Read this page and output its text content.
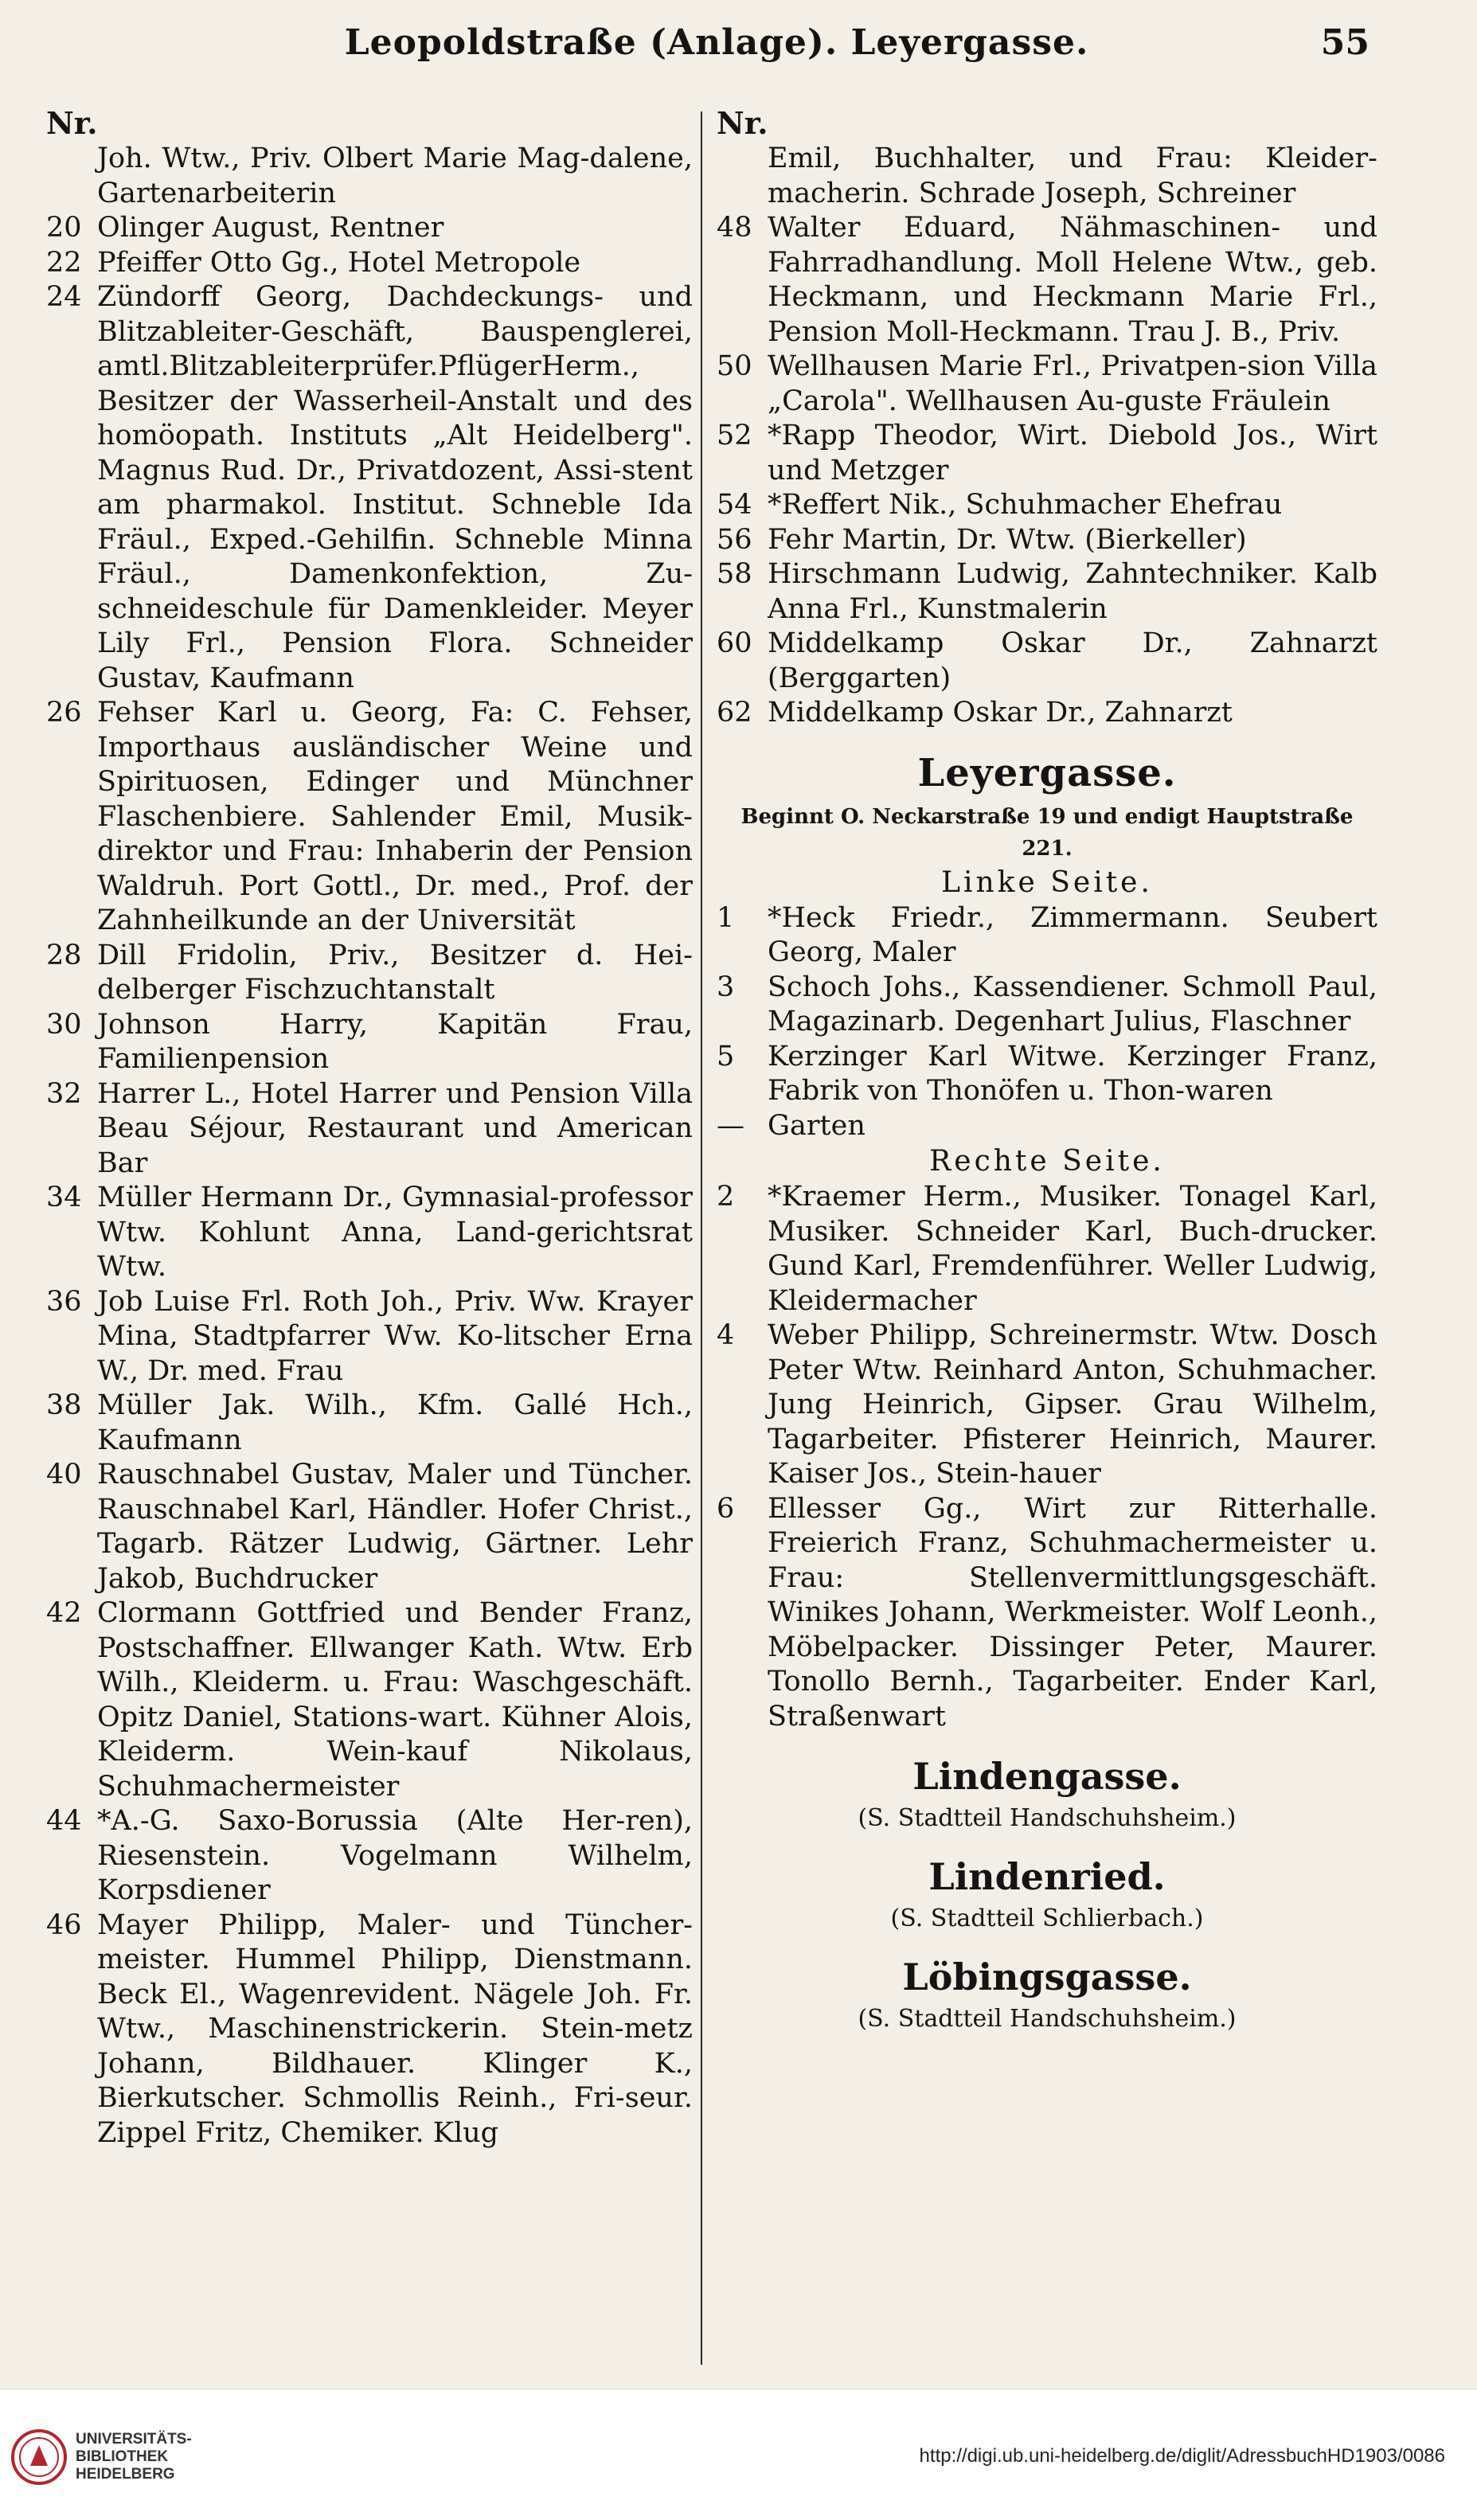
Leopoldstraße (Anlage). Leyergasse.	55
Nr.
Joh. Wtw., Priv. Olbert Marie Mag-dalene, Gartenarbeiterin
20 Olinger August, Rentner
22 Pfeiffer Otto Gg., Hotel Metropole
24 Zündorff Georg, Dachdeckungs- und Blitzableiter-Geschäft, Bauspenglerei, amtl.Blitzableiterprüfer.PflügerHerm., Besitzer der Wasserheil-Anstalt und des homöopath. Instituts „Alt Heidelberg". Magnus Rud. Dr., Privatdozent, Assi-stent am pharmakol. Institut. Schneble Ida Fräul., Exped.-Gehilfin. Schneble Minna Fräul., Damenkonfektion, Zu-schneideschule für Damenkleider. Meyer Lily Frl., Pension Flora. Schneider Gustav, Kaufmann
26 Fehser Karl u. Georg, Fa: C. Fehser, Importhaus ausländischer Weine und Spirituosen, Edinger und Münchner Flaschenbiere. Sahlender Emil, Musik-direktor und Frau: Inhaberin der Pension Waldruh. Port Gottl., Dr. med., Prof. der Zahnheilkunde an der Universität
28 Dill Fridolin, Priv., Besitzer d. Hei-delberger Fischzuchtanstalt
30 Johnson Harry, Kapitän Frau, Familienpension
32 Harrer L., Hotel Harrer und Pension Villa Beau Séjour, Restaurant und American Bar
34 Müller Hermann Dr., Gymnasial-professor Wtw. Kohlunt Anna, Land-gerichtsrat Wtw.
36 Job Luise Frl. Roth Joh., Priv. Ww. Krayer Mina, Stadtpfarrer Ww. Ko-litscher Erna W., Dr. med. Frau
38 Müller Jak. Wilh., Kfm. Gallé Hch., Kaufmann
40 Rauschnabel Gustav, Maler und Tüncher. Rauschnabel Karl, Händler. Hofer Christ., Tagarb. Rätzer Ludwig, Gärtner. Lehr Jakob, Buchdrucker
42 Clormann Gottfried und Bender Franz, Postschaffner. Ellwanger Kath. Wtw. Erb Wilh., Kleiderm. u. Frau: Waschgeschäft. Opitz Daniel, Stations-wart. Kühner Alois, Kleiderm. Wein-kauf Nikolaus, Schuhmachermeister
44 *A.-G. Saxo-Borussia (Alte Her-ren), Riesenstein. Vogelmann Wilhelm, Korpsdiener
46 Mayer Philipp, Maler- und Tüncher-meister. Hummel Philipp, Dienstmann. Beck El., Wagenrevident. Nägele Joh. Fr. Wtw., Maschinenstrickerin. Stein-metz Johann, Bildhauer. Klinger K., Bierkutscher. Schmollis Reinh., Fri-seur. Zippel Fritz, Chemiker. Klug
Nr.
Emil, Buchhalter, und Frau: Kleider-macherin. Schrade Joseph, Schreiner
48 Walter Eduard, Nähmaschinen- und Fahrradhandlung. Moll Helene Wtw., geb. Heckmann, und Heckmann Marie Frl., Pension Moll-Heckmann. Trau J. B., Priv.
50 Wellhausen Marie Frl., Privatpen-sion Villa „Carola". Wellhausen Au-guste Fräulein
52 *Rapp Theodor, Wirt. Diebold Jos., Wirt und Metzger
54 *Reffert Nik., Schuhmacher Ehefrau
56 Fehr Martin, Dr. Wtw. (Bierkeller)
58 Hirschmann Ludwig, Zahntechniker. Kalb Anna Frl., Kunstmalerin
60 Middelkamp Oskar Dr., Zahnarzt (Berggarten)
62 Middelkamp Oskar Dr., Zahnarzt
Leyergasse.
Beginnt O. Neckarstraße 19 und endigt Hauptstraße 221.
Linke Seite.
1	*Heck Friedr., Zimmermann. Seubert Georg, Maler
3	Schoch Johs., Kassendiener. Schmoll Paul, Magazinarb. Degenhart Julius, Flaschner
5	Kerzinger Karl Witwe. Kerzinger Franz, Fabrik von Thonöfen u. Thon-waren
— Garten
Rechte Seite.
2	*Kraemer Herm., Musiker. Tonagel Karl, Musiker. Schneider Karl, Buch-drucker. Gund Karl, Fremdenführer. Weller Ludwig, Kleidermacher
4	Weber Philipp, Schreinermstr. Wtw. Dosch Peter Wtw. Reinhard Anton, Schuhmacher. Jung Heinrich, Gipser. Grau Wilhelm, Tagarbeiter. Pfisterer Heinrich, Maurer. Kaiser Jos., Stein-hauer
6	Ellesser Gg., Wirt zur Ritterhalle. Freierich Franz, Schuhmachermeister u. Frau: Stellenvermittlungsgeschäft. Winikes Johann, Werkmeister. Wolf Leonh., Möbelpacker. Dissinger Peter, Maurer. Tonollo Bernh., Tagarbeiter. Ender Karl, Straßenwart
Lindengasse.
(S. Stadtteil Handschuhsheim.)
Lindenried.
(S. Stadtteil Schlierbach.)
Löbingsgasse.
(S. Stadtteil Handschuhsheim.)
UNIVERSITÄTS-
BIBLIOTHEK
HEIDELBERG
http://digi.ub.uni-heidelberg.de/diglit/AdressbuchHD1903/0086
